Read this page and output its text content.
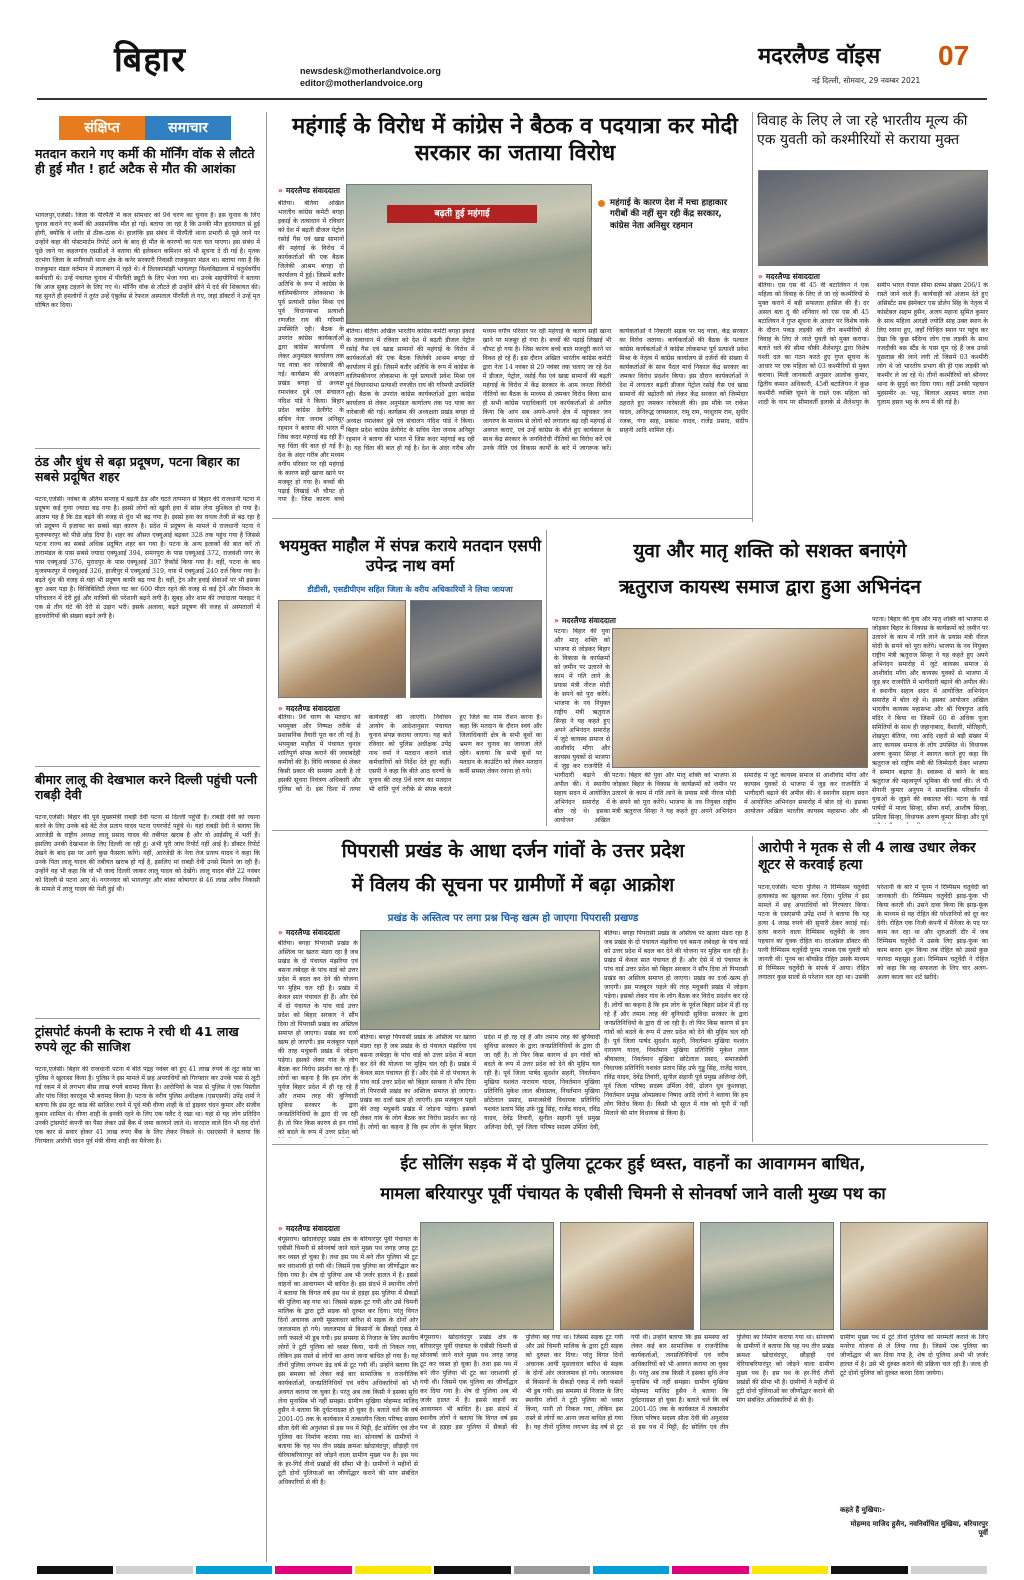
बिहार	newsdesk@motherlandvoice.org
editor@motherlandvoice.org
मदरलैण्ड वॉइस 07
नई दिल्ली, सोमवार, 29 नवम्बर 2021
संक्षिप्त	समाचार
मतदान कराने गए कर्मी की मॉर्निंग वॉक से लौटते ही हुई मौत ! हार्ट अटैक से मौत की आशंका
भागलपुर,एजेंसी। जिला के पीरपैंती में कल सोमवार को 9वें चरण का चुनाव है। इस चुनाव के लिए चुनाव कराने गए कर्मी की असामयिक मौत हो गई। बताया जा रहा है कि उनकी मौत हृदयाघात से हुई होगी, क्योंकि वे शरीर से ठीक-ठाक थे। हालांकि इस संबंध में पीरपैंती थाना प्रभारी से पूछे जाने पर उन्होंने कहा की पोस्टमार्टम रिपोर्ट आने के बाद ही मौत के कारणों का पता चल पाएगा। इस संबंध में पूछे जाने पर कहलगांव एसडीओ ने बताया की इलेक्शन कमिशन को भी सूचना दे दी गई है। मृतक दरभंगा जिला के मनीगाछी थाना क्षेत्र के कनेर सरकारी निवासी राजकुमार मंडल था। बताया गया है कि राजकुमार मंडल वर्तमान में लालबाग में रहते थे। वे तिलकामांझी भागलपुर विश्वविद्यालय में चतुर्थवर्गीय कर्मचारी थे। उन्हें पंचायत चुनाव में पीरपैंती ड्यूटी के लिए भेजा गया था। उनके सहयोगियों ने बताया कि आज सुबह टहलने के लिए गए थे। मॉर्निंग वॉक से लौटते ही उन्होंने सीने में दर्द की शिकायत की। यह सुनते ही हमलोगों ने तुरंत उन्हें एंबुलेंस से रेफरल अस्पताल पीरपैंती ले गए, जहां डॉक्टरों ने उन्हें मृत घोषित कर दिया।
ठंड और धुंध से बढ़ा प्रदूषण, पटना बिहार का सबसे प्रदूषित शहर
पटना,एजेंसी। नवंबर के अंतिम सप्ताह में बढ़ती ठंड और घटते तापमान से बिहार की राजधानी पटना में प्रदूषण कई गुणा ज्यादा बढ़ गया है। इससे लोगों को खुली हवा में सांस लेना मुश्किल हो गया है। आलम यह है कि ठंड बढ़ने की वजह से धुंध भी बढ़ गया है। इससे हवा का घनत्व तेजी से बढ़ रहा है जो प्रदूषण में इजाफा का सबसे बड़ा कारण है। प्रदेश में प्रदूषण के मामले में राजधानी पटना ने मुजफ्फरपुर को पीछे छोड़ दिया है। शहर का औसत एक्यूआई बढ़कर 328 तक पहुंच गया है जिससे पटना राज्य का सबसे अधिक प्रदूषित शहर बन गया है। पटना के अन्य इलाकों की बात करें तो तारामंडल के पास सबसे ज्यादा एक्यूआई 394, समनपुरा के पास एक्यूआई 372, राजवंशी नगर के पास एक्यूआई 376, मुरादपुर के पास एक्यूआई 307 रिकॉर्ड किया गया है। वहीं, पटना के बाद मुजफ्फरपुर में एक्यूआई 326, हाजीपुर में एक्यूआई 319, गया में एक्यूआई 240 दर्ज किया गया है। बढ़ते धुंध की वजह से यहां भी प्रदूषण काफी बढ़ गया है। वहीं, ट्रेन और हवाई सेवाओं पर भी इसका बुरा असर पड़ा है। विजिबिलिटी लेवल घट कर 600 मीटर रहने की वजह से कई ट्रेनें और विमान के परिचालन में देरी हुई और यात्रियों की परेशानी बढ़ने लगी है। सुबह और शाम की ज्यादातर फ्लाइट ने एक से तीन घंटे की देरी से उड़ान भरी। इसके अलावा, बढ़ते प्रदूषण की वजह से अस्पतालों में हृदयरोगियों की संख्या बढ़ने लगी है।
बीमार लालू की देखभाल करने दिल्ली पहुंची पत्नी राबड़ी देवी
पटना,एजेंसी। बिहार की पूर्व मुख्यमंत्री राबड़ी देवी पटना से दिल्ली पहुंची हैं। राबड़ी देवी को रवाना करने के लिए उनके बड़े बेटे तेज प्रताप यादव पटना एयरपोर्ट पहुंचे थे। यहां राबड़ी देवी ने बताया कि आरजेडी के राष्ट्रीय अध्यक्ष लालू प्रसाद यादव की तबीयत खराब है और वो आईसीयू में भर्ती हैं। इसलिए उनकी देखभाल के लिए दिल्ली जा रही हूं। अभी पूरी जांच रिपोर्ट नहीं आई है। डॉक्टर रिपोर्ट देखने के बाद इस पर आगे कुछ फैसला करेंगे। वहीं, आरजेडी के नेता तेज प्रताप यादव ने कहा कि उनके पिता लालू यादव की तबीयत खराब हो गई है, इसलिए मां राबड़ी देवी उनसे मिलने जा रही हैं। उन्होंने यह भी कहा कि वो भी जल्द दिल्ली जाकर लालू यादव को देखेंगे। लालू यादव बीते 22 नवंबर को दिल्ली से पटना आए थे। नगरनवार को भागलपुर और बांका कोषागार से 46 लाख अवैध निकासी के मामले में लालू यादव की पेशी हुई थी।
ट्रांसपोर्ट कंपनी के स्टाफ ने रची थी 41 लाख रुपये लूट की साजिश
पटना,एजेंसी। बिहार की राजधानी पटना में बीते पंद्रह नवंबर को हुए 41 लाख रुपये के लूट कांड का पुलिस ने खुलासा किया है। पुलिस ने इस मामले में छह अपराधियों को गिरफ्तार कर उनके पास से लूटी गई रकम में से लगभग बीस लाख रुपये बरामद किया है। आरोपियों के पास से पुलिस ने एक पिस्तौल और पांच जिंदा कारतूस भी बरामद किया है। पटना के वरीय पुलिस अधीक्षक (एसएसपी) उपेंद्र शर्मा ने बताया कि इस लूट कांड की साजिश रचने में पूर्व मंत्री वीणा शाही के दो ड्राइवर चंदन कुमार और संजीव कुमार शामिल थे। वीणा शाही के इनकी रहने के लिए एक फ्लैट दे रखा था। यहां से यह लोग प्रतिदिन उनकी ट्रांसपोर्ट कंपनी का पैसा लेकर उसे बैंक में जमा करवाने जाते थे। वारदात वाले दिन भी यह दोनों एक कार से सवार होकर 41 लाख रुपए बैंक के लिए लेकर निकले थे। एसएसपी ने बताया कि गिरफ्तार आरोपी चंदन पूर्व मंत्री वीणा शाही का मैनेजर है।
महंगाई के विरोध में कांग्रेस ने बैठक व पदयात्रा कर मोदी सरकार का जताया विरोध
» मदरलैण्ड संवाददाता
बढ़ती हुई महंगाई
महंगाई के कारण देश में मचा हाहाकार गरीबों की नहीं सुन रही केंद्र सरकार, कांग्रेस नेता अनिसुर रहमान
बेतिया। बेतिया अखिल भारतीय कांग्रेस कमेटी बगहा इकाई के तत्वाधान में रविवार को देश में बढ़ती डीजल पेट्रोल रसोई गैस एवं खाद्य सामानों की महंगाई के विरोध में कार्यकर्ताओं की एक बैठक जिलेकी आश्रम बगहा दो कार्यालय में हुई। जिसमें बतौर अतिथि के रूप में कांग्रेस के वालिमकीनगर लोकसभा के पूर्व प्रत्याशी प्रवेश मिश्रा एवं पूर्व विधानसभा प्रत्याशी रणजीत राय की गरिमयी उपस्थिति रही। बैठक के उपरांत कांग्रेस कार्यकर्ताओं द्वारा कांग्रेस कार्यालय से लेकर अनुमंडल कार्यालय तक पद यात्रा कर नारेबाजी की गई। कार्यक्रम की अध्यक्षता प्रखंड बगहा दो अध्यक्ष रमाशंकर दुबे एवं संचालन नंदिश पांडे ने किया। बिहार प्रदेश कांग्रेस डेलीगेट के सचिव नेता जनाब अनिसुर रहमान ने बताया की भारत में जिस कदर महंगाई बढ़ रही है। यह चिंता की बात हो गई है। देश के अंदर गरीब और मध्यम वर्गीय परिवार पर रही महंगाई के कारण सही खाना खाने पर मजबूर हो गया है। बच्चों की पढ़ाई लिखाई भी चौपट हो गया है। जिस कारण बच्चे
बेतिया। बेतिया अखिल भारतीय कांग्रेस कमेटी बगहा इकाई के तत्वाधान में रविवार को देश में बढ़ती डीजल पेट्रोल रसोई गैस एवं खाद्य सामानों की महंगाई के विरोध में कार्यकर्ताओं की एक बैठक जिलेकी आश्रम बगहा दो कार्यालय में हुई। जिसमें बतौर अतिथि के रूप में कांग्रेस के वालिमकीनगर लोकसभा के पूर्व प्रत्याशी प्रवेश मिश्रा एवं पूर्व विधानसभा प्रत्याशी रणजीत राय की गरिमयी उपस्थिति रही। बैठक के उपरांत कांग्रेस कार्यकर्ताओं द्वारा कांग्रेस कार्यालय से लेकर अनुमंडल कार्यालय तक पद यात्रा कर नारेबाजी की गई। कार्यक्रम की अध्यक्षता प्रखंड बगहा दो अध्यक्ष रमाशंकर दुबे एवं संचालन नंदिश पांडे ने किया। बिहार प्रदेश कांग्रेस डेलीगेट के सचिव नेता जनाब अनिसुर रहमान ने बताया की भारत में जिस कदर महंगाई बढ़ रही है। यह चिंता की बात हो गई है। देश के अंदर गरीब और मध्यम वर्गीय परिवार पर रही महंगाई के कारण सही खाना खाने पर मजबूर हो गया है। बच्चों की पढ़ाई लिखाई भी चौपट हो गया है। जिस कारण बच्चे बाल मजदूरी करने पर विवश हो रहे हैं। इस दौरान अखिल भारतीय कांग्रेस कमेटी द्वारा नेता 14 नवंबर से 29 नवंबर तक चलाए जा रहे देश में डीजल, पेट्रोल, रसोई गैस एवं खाद्य सामानों की बढ़ती महंगाई के विरोध में केंद्र सरकार के आम जनता विरोधी नीतियों का बैठक के माध्यम से जमकर विरोध किया साथ ही सभी कांग्रेस पदाधिकारी एवं कार्यकर्ताओं से अपील किया कि आप सब अपने-अपने क्षेत्र में पहुंचकर जन जागरण के माध्यम से लोगों को लगातार बढ़ रही महंगाई से अवगत कराएं, एवं उन्हें कांग्रेस के बीते हुए कार्यकाल के साथ केंद्र सरकार के जनविरोधी नीतियों का विरोध करें एवं उनके नीति एवं विकास कार्यों के बारे में जागरूक करें। कार्यकर्ताओं ने निकाली सड़क पर पद यात्रा, केंद्र सरकार का विरोध जताया। कार्यकर्ताओं की बैठक के पश्चात कांग्रेस कार्यकर्ताओं ने कांग्रेस लोकसभा पूर्व प्रत्याशी प्रवेश मिश्रा के नेतृत्व में कांग्रेस कार्यालय से दर्जनों की संख्या में कार्यकर्ताओं के साथ पैदल मार्च निकाल केंद्र सरकार का जमकर विरोध प्रदर्शन किया। इस दौरान कार्यकर्ताओं ने देश में लगातार बढ़ती डीजल पेट्रोल रसोई गैस एवं खाद्य सामानों की बढ़ोतरी को लेकर केंद्र सरकार को जिम्मेदार ठहराते हुए जमकर नारेबाजी की। इस मौके पर राकेश यादव, अनिरुद्ध जयसवाल, रामू राम, परशुराम राम, सुधीर रजक, गंगा साह, प्रकाश यादव, राजेंद्र प्रसाद, संदीप साहनी आदि शामिल रहे।
विवाह के लिए ले जा रहे भारतीय मूल्य की एक युवती को कश्मीरियों से कराया मुक्त
» मदरलैण्ड संवाददाता
बेतिया। एस एस बी 45 वीं बटालियन ने एक महिला को विवाह के लिए ले जा रहे कश्मीरियों से मुक्त कराने में बड़ी सफलता हासिल की है। दर असल बता दूं की शनिवार को एस एस बी 45 बटालियन ने गुप्त सूचना के आधार पर विशेष नाके के दौरान पकड़ लड़की को तीन कश्मीरियों से विवाह के लिए ले जाते युवती को मुक्त कराया। बताते चले की सीमा चौकी शैलेशपुर द्वारा विशेष गश्ती दल का गठन करते हुए गुप्त सूचना के आधार पर एक महिला को 03 कश्मीरियों से मुक्त कराया। मिली जानकारी अनुसार आलोक कुमार, द्वितीय कमान अधिकारी, 45वीं बटालियन ने कुछ कश्मीरी व्यक्ति घूमने के रास्ते एक महिला को शादी के नाम पर सीमावर्ती इलाके से शैलेशपुर के समीप भारत नेपाल सीमा स्तम्भ संख्या 206/1 के रास्ते जाने वाले हैं। कार्यवाही को अंजाम देते हुए असिस्टेंट सब इंस्पेक्टर एस डोलेन सिंह के नेतृत्व में कांस्टेबल सद्दाम हुसैन, अजय महाना सुमित कुमार के साथ महिला आरक्षी ज्योति साह उक्त स्थान के लिए रवाना हुए, जहाँ चिन्हित स्थान पर पहुंच कर देखा कि कुछ संदिग्ध लोग एक लड़की के साथ नजदीकी बस स्टैंड के पास घूम रहे हैं जब उनसे पूछताछ की जाने लगी तो जिसमें 03 कश्मीरी लोग थे जो भारतीय प्रभाग की ही एक लड़की को कश्मीर ले जा रहे थे। तीनों कश्मीरियों को श्रीनगर थाना के सुपुर्द कर दिया गया। वहीं उनकी पहचान मुहसमीर अ: भट्ट, बिलाल अहमद बगात तथा गुलाम हसन भट्ट के रूप में की गई है।
भयमुक्त माहौल में संपन्न कराये मतदान एसपी उपेन्द्र नाथ वर्मा
डीडीसी, एसडीपीएम सहित जिला के वरीय अधिकारियों ने लिया जायजा
» मदरलैण्ड संवाददाता
बेतिया। 9वें चरण के मतदान को भयमुक्त और निष्पक्ष तरीके से प्रशासनिक तैयारी पूरा कर ली गई है। भयमुक्त माहौल में पंचायत चुनाव शांतिपूर्ण संपन्न कराने की जवाबदेही कमीयों की है। विधि व्यवस्था से लेकर किसी प्रकार की समस्या आती है तो इसकी सूचना नियंत्रण अधिकारी और पुलिस को दें। इस दिशा में तत्पर कार्यवाही की जाएगी। निर्वाचन आयोग के आदेशानुसार पंचायत चुनाव संपन्न कराया जाएगा। यह बातें रविवार को पुलिस अधीक्षक उपेंद्र नाथ वर्मा ने मतदान कराने वाले कर्मचारियों को निर्देश देते हुए कहीं। एसपी ने कहा कि बीते आठ चरणों के चुनाव की तरह 9वें चरण का मतदान भी शांति पूर्ण तरीके से संपन्न कराते हुए जिले का नाम रौशन करना है। कहा कि मतदान के दौरान स्वयं और जिलाधिकारी क्षेत्र के सभी बूथों का भ्रमण कर चुनाव का जायजा लेते रहेंगे। बताया कि सभी बूथों पर मतदान के काउंटिंग को लेकर मतदान कर्मी समस्त लेकर रवाना हो गये।
युवा और मातृ शक्ति को सशक्त बनाएंगे
ऋतुराज कायस्थ समाज द्वारा हुआ अभिनंदन
» मदरलैण्ड संवाददाता
पटना। बिहार की युवा और मातृ शक्ति को भाजपा से जोड़कर बिहार के विकास के कार्यक्रमों को जमीन पर उतारने के काम में गति लाने के प्रयास मंत्री नीरज मोदी के सपने को पूरा करेंगे। भाजपा के नव नियुक्त राष्ट्रीय मंत्री ऋतुराज सिन्हा ने यह कहते हुए अपने अभिनंदन समारोह में जुटे कायस्थ समाज से आशीर्वाद माँगा और कायस्थ युवकों से भाजपा में जुड़ कर राजनीति में भागीदारी बढ़ाने की अपील की। वे स्थानीय सहाय सदन में आयोजित अभिनंदन समारोह में बोल रहे थे। इसका आयोजन अखिल
पटना। बिहार की युवा और मातृ शक्ति को भाजपा से जोड़कर बिहार के विकास के कार्यक्रमों को जमीन पर उतारने के काम में गति लाने के प्रयास मंत्री नीरज मोदी के सपने को पूरा करेंगे। भाजपा के नव नियुक्त राष्ट्रीय मंत्री ऋतुराज सिन्हा ने यह कहते हुए अपने अभिनंदन समारोह में जुटे कायस्थ समाज से आशीर्वाद माँगा और कायस्थ युवकों से भाजपा में जुड़ कर राजनीति में भागीदारी बढ़ाने की अपील की। वे स्थानीय सहाय सदन में आयोजित अभिनंदन समारोह में बोल रहे थे। इसका आयोजन अखिल भारतीय कायस्थ महासभा और श्री
पटना। बिहार की युवा और मातृ शक्ति को भाजपा से जोड़कर बिहार के विकास के कार्यक्रमों को जमीन पर उतारने के काम में गति लाने के प्रयास मंत्री नीरज मोदी के सपने को पूरा करेंगे। भाजपा के नव नियुक्त राष्ट्रीय मंत्री ऋतुराज सिन्हा ने यह कहते हुए अपने अभिनंदन समारोह में जुटे कायस्थ समाज से आशीर्वाद माँगा और कायस्थ युवकों से भाजपा में जुड़ कर राजनीति में भागीदारी बढ़ाने की अपील की। वे स्थानीय सहाय सदन में आयोजित अभिनंदन समारोह में बोल रहे थे। इसका आयोजन अखिल भारतीय कायस्थ महासभा और श्री चित्रगुप्त आदि मंदिर ने किया था जिसमें 60 से अधिक पूजा समितियों के साथ ही जहानाबाद, वैशाली, मोतिहारी, शेखपुरा बेतिया, गया आदि शहरों से बड़ी संख्या में आए कायस्थ समाज के लोग उपस्थित थे। विधायक अरुण कुमार सिन्हा ने स्वागत करते हुए कहा कि ऋतुराज को राष्ट्रीय मंत्री की जिम्मेदारी देकर भाजपा ने सम्मान बढ़ाया है। स्वास्थ्य से बनने के बाद ऋतुराज की महत्वपूर्ण भूमिका की चर्चा की। जे पी सेनानी कुमार अनुपम ने सामाजिक परिवर्तन में युवाओं के जुड़ने की वकालत की। पटना के वार्ड पार्षदों में माला सिन्हा, सीमा वर्मा, आशीष सिन्हा, प्रमिला सिन्हा, विधायक अरुण कुमार सिन्हा और पूर्व
पिपरासी प्रखंड के आधा दर्जन गांवों के उत्तर प्रदेश
में विलय की सूचना पर ग्रामीणों में बढ़ा आक्रोश
प्रखंड के अस्तित्व पर लगा प्रश्न चिन्ह खत्म हो जाएगा पिपरासी प्रखण्ड
» मदरलैण्ड संवाददाता
बेतिया। बगहा पिपरासी प्रखंड के अस्तित्व पर खतरा मंडरा रहा है जब प्रखंड के दो पंचायत मंझरिया एवं बसना लबेदहा के पांच वार्ड को उत्तर प्रदेश में बदल कर देने की योजना पर मुहिम चल रही है। प्रखंड में केवल सात पंचायत ही हैं। और ऐसे में दो पंचायत के पांच वार्ड उत्तर प्रदेश को बिहार सरकार ने सौंप दिया तो पिपरासी प्रखंड का अस्तित्व समाप्त हो जाएगा। प्रखंड का दर्जा खत्म हो जाएगी। इस मजबूरन पहले की तरह मधुबनी प्रखंड में जोड़ना पड़ेगा। इसको लेकर गांव के लोग बैठक कर विरोध प्रदर्शन कर रहे हैं। लोगों का कहना है कि हम लोग के पूर्वज बिहार प्रदेश में ही रह रहे हैं और तमाम तरह की बुनियादी सुविधा सरकार के द्वारा जनप्रतिनिधियों के द्वारा दी जा रही है। तो फिर किस कारण से इन गांवों को बदले के रूप में उत्तर प्रदेश को
बेतिया। बगहा पिपरासी प्रखंड के अस्तित्व पर खतरा मंडरा रहा है जब प्रखंड के दो पंचायत मंझरिया एवं बसना लबेदहा के पांच वार्ड को उत्तर प्रदेश में बदल कर देने की योजना पर मुहिम चल रही है। प्रखंड में केवल सात पंचायत ही हैं। और ऐसे में दो पंचायत के पांच वार्ड उत्तर प्रदेश को बिहार सरकार ने सौंप दिया तो पिपरासी प्रखंड का अस्तित्व समाप्त हो जाएगा। प्रखंड का दर्जा खत्म हो जाएगी। इस मजबूरन पहले की तरह मधुबनी प्रखंड में जोड़ना पड़ेगा। इसको लेकर गांव के लोग बैठक कर विरोध प्रदर्शन कर रहे हैं। लोगों का कहना है कि हम लोग के पूर्वज बिहार प्रदेश में ही रह रहे हैं और तमाम तरह की बुनियादी सुविधा सरकार के द्वारा जनप्रतिनिधियों के द्वारा दी जा रही है। तो फिर किस कारण से इन गांवों को बदले के रूप में उत्तर प्रदेश को देने की मुहिम चल रही है। पूर्व जिला पार्षद सुदर्शन सहनी, निवर्तमान मुखिया यशवंत नारायण यादव, निवर्तमान मुखिया प्रतिनिधि मुकेश लाल श्रीवास्तव, निवर्तमान मुखिया छोटेलाल प्रसाद, समाजसेवी विधायक प्रतिनिधि यशवंत प्रताप सिंह उर्फ गुड्डू सिंह, राजेंद्र यादव, रविंद्र यादव, देवेंद्र तिवारी, सुनील सहानी पूर्व प्रमुख अलिन्दा देवी, पूर्व जिला परिषद सदस्य उर्मिला देवी,
बेतिया। बगहा पिपरासी प्रखंड के अस्तित्व पर खतरा मंडरा रहा है जब प्रखंड के दो पंचायत मंझरिया एवं बसना लबेदहा के पांच वार्ड को उत्तर प्रदेश में बदल कर देने की योजना पर मुहिम चल रही है। प्रखंड में केवल सात पंचायत ही हैं। और ऐसे में दो पंचायत के पांच वार्ड उत्तर प्रदेश को बिहार सरकार ने सौंप दिया तो पिपरासी प्रखंड का अस्तित्व समाप्त हो जाएगा। प्रखंड का दर्जा खत्म हो जाएगी। इस मजबूरन पहले की तरह मधुबनी प्रखंड में जोड़ना पड़ेगा। इसको लेकर गांव के लोग बैठक कर विरोध प्रदर्शन कर रहे हैं। लोगों का कहना है कि हम लोग के पूर्वज बिहार प्रदेश में ही रह रहे हैं और तमाम तरह की बुनियादी सुविधा सरकार के द्वारा जनप्रतिनिधियों के द्वारा दी जा रही है। तो फिर किस कारण से इन गांवों को बदले के रूप में उत्तर प्रदेश को देने की मुहिम चल रही है। पूर्व जिला पार्षद सुदर्शन सहनी, निवर्तमान मुखिया यशवंत नारायण यादव, निवर्तमान मुखिया प्रतिनिधि मुकेश लाल श्रीवास्तव, निवर्तमान मुखिया छोटेलाल प्रसाद, समाजसेवी विधायक प्रतिनिधि यशवंत प्रताप सिंह उर्फ गुड्डू सिंह, राजेंद्र यादव, रविंद्र यादव, देवेंद्र तिवारी, सुनील सहानी पूर्व प्रमुख अलिन्दा देवी, पूर्व जिला परिषद सदस्य उर्मिला देवी, ढोलन धुव कुशवाहा, निवर्तमान प्रमुख ओमप्रकाश निषाद आदि लोगों ने बताया कि हम लोग विरोध किया है। किसी भी सूरत में गांव को यूपी में नहीं मिलाने की मांग विधायक से किया है।
आरोपी ने मृतक से ली 4 लाख उधार लेकर शूटर से करवाई हत्या
पटना,एजेंसी। पटना पुलिस ने रिम्पिसम चतुर्वेदी हत्याकांड का खुलासा कर दिया। पुलिस ने इस मामले में छह अपराधियों को गिरफ्तार किया। पटना के एसएसपी उपेंद्र शर्मा ने बताया कि यह हत्या 4 लाख रुपये की सुपारी देकर कराई गई। हत्या कराने वाला रिम्पिसम चतुर्वेदी के जान पहचान का युवक रोहित था। दरअसल डॉक्टर की पत्नी रिम्पिसम चतुर्वेदी पूनम नामक एक युवती को जानती थी। पूनम का बॉयफ्रेंड रोहित उसके माध्यम से रिम्पिसम चतुर्वेदी के संपर्क में आया। रोहित लगातार कुछ सालों से परेशान चल रहा था। उसकी परेशानी के बारे में पूनम ने रिम्पिसम चतुर्वेदी को जानकारी दी। रिम्पिसम चतुर्वेदी झाड़-फूंक भी किया करती थी। उसने दावा किया कि झाड़-फूंक के माध्यम से वह रोहित की परेशानियों को दूर कर देगी। रोहित एक निजी कंपनी में मैनेजर के पद पर काम कर रहा था और शुरुआती दौर में जब रिम्पिसम चतुर्वेदी ने उसके लिए झाड़-फूंक का काम करना शुरू किया तब रोहित को उससे कुछ फायदा महसूस हुआ। रिम्पिसम चतुर्वेदी ने रोहित को कहा कि वह सफलता के लिए चार अलग-अलग काला कर शर्ट खरीदे।
ईट सोलिंग सड़क में दो पुलिया टूटकर हुई ध्वस्त, वाहनों का आवागमन बाधित,
मामला बरियारपुर पूर्वी पंचायत के एबीसी चिमनी से सोनवर्षा जाने वाली मुख्य पथ का
» मदरलैण्ड संवाददाता
बेगूसराय। खोदावंदपुर प्रखंड क्षेत्र के बरियारपुर पूर्वी पंचायत के एबीसी चिमनी से सोनवर्षा जाने वाले मुख्य पथ जगह जगह टूट कर ध्वस्त हो चुका है। तथा इस पथ में बने तीन पुलिया भी टूट कर धराशायी हो गयी थी। जिसमें एक पुलिया का जीर्णोद्धार कर दिया गया है। शेष दो पुलिया अब भी जर्जर हालत में है। इससे वाहनों का आवागमन भी बाधित है। इस संदर्भ में स्थानीय लोगों ने बताया कि विगत वर्ष इस पथ से हड़हा इस पुलिया में सैकड़ों की पुलिया बह गया था। जिससे सड़क टूट गयी और उसे चिमनी मालिक के द्वारा टूटी सड़क को दुरुस्त कर दिया। परंतु विगत दिनों अचानक आयी मूसलाधार बारिश से सड़क के दोनों ओर जलजमाव हो गये। जलजमाव से किसानों के सैकड़ों एकड़ में लगी फसलें भी डूब गयी। इस समस्या से निजात के लिए स्थानीय लोगों ने टूटी पुलिया को ध्वस्त किया, पानी तो निकल गया, लेकिन इस रास्ते से लोगों का आना जाना बाधित हो गया है। यह तीनों पुलिया लगभग डेढ़ वर्ष से टूट गयी थीं। उन्होंने बताया कि इस समस्या को लेकर कई बार सामाजिक व राजनीतिक कार्यकर्ताओं, जनप्रतिनिधियों एवं वरीय अधिकारियों को भी अवगत कराया जा चुका है। परंतु अब तक किसी ने इसका सुधि लेना मुनासिब भी नहीं समझा। ग्रामीण मुखिया मोहम्मद माजिद हुसैन ने बताया कि दुर्घटनाग्रस्त हो चुका है। बताते चलें कि वर्ष 2001-05 तक के कार्यकाल में तत्कालीन जिला परिषद सदस्य सीता देवी की अनुशंसा से इस पथ में मिट्टी, ईंट सोलिंग एवं तीन पुलिया का निर्माण कराया गया था। सोनवर्षा के ग्रामीणों ने बताया कि यह पथ तीन प्रखंड क्रमशः खोदावंदपुर, छौड़ाही एवं चेरियाबरियारपुर को जोड़ने वाला ग्रामीण मुख्य पथ है। इस पथ के हर-गिर्द तीनों प्रखंडों की सीमा भी है। ग्रामीणों ने महीनों से टूटी दोनों पुलियाओं का जीर्णोद्धार कराने की मांग संबंधित अधिकारियों से की है।
बेगूसराय। खोदावंदपुर प्रखंड क्षेत्र के बरियारपुर पूर्वी पंचायत के एबीसी चिमनी से सोनवर्षा जाने वाले मुख्य पथ जगह जगह टूट कर ध्वस्त हो चुका है। तथा इस पथ में बने तीन पुलिया भी टूट कर धराशायी हो गयी थी। जिसमें एक पुलिया का जीर्णोद्धार कर दिया गया है। शेष दो पुलिया अब भी जर्जर हालत में है। इससे वाहनों का आवागमन भी बाधित है। इस संदर्भ में स्थानीय लोगों ने बताया कि विगत वर्ष इस पथ से हड़हा इस पुलिया में सैकड़ों की पुलिया बह गया था। जिससे सड़क टूट गयी और उसे चिमनी मालिक के द्वारा टूटी सड़क को दुरुस्त कर दिया। परंतु विगत दिनों अचानक आयी मूसलाधार बारिश से सड़क के दोनों ओर जलजमाव हो गये। जलजमाव से किसानों के सैकड़ों एकड़ में लगी फसलें भी डूब गयी। इस समस्या से निजात के लिए स्थानीय लोगों ने टूटी पुलिया को ध्वस्त किया, पानी तो निकल गया, लेकिन इस रास्ते से लोगों का आना जाना बाधित हो गया है। यह तीनों पुलिया लगभग डेढ़ वर्ष से टूट गयी थीं। उन्होंने बताया कि इस समस्या को लेकर कई बार सामाजिक व राजनीतिक कार्यकर्ताओं, जनप्रतिनिधियों एवं वरीय अधिकारियों को भी अवगत कराया जा चुका है। परंतु अब तक किसी ने इसका सुधि लेना मुनासिब भी नहीं समझा। ग्रामीण मुखिया मोहम्मद माजिद हुसैन ने बताया कि दुर्घटनाग्रस्त हो चुका है। बताते चलें कि वर्ष 2001-05 तक के कार्यकाल में तत्कालीन जिला परिषद सदस्य सीता देवी की अनुशंसा से इस पथ में मिट्टी, ईंट सोलिंग एवं तीन पुलिया का निर्माण कराया गया था। सोनवर्षा के ग्रामीणों ने बताया कि यह पथ तीन प्रखंड क्रमशः खोदावंदपुर, छौड़ाही एवं चेरियाबरियारपुर को जोड़ने वाला ग्रामीण मुख्य पथ है। इस पथ के हर-गिर्द तीनों प्रखंडों की सीमा भी है। ग्रामीणों ने महीनों से टूटी दोनों पुलियाओं का जीर्णोद्धार कराने की मांग संबंधित अधिकारियों से की है।
ग्रामीण मुख्य पथ में टूटे तीनों पुलिया को मरम्मती कराने के लिए मनरेगा योजना से ले लिया गया है। जिसमें एक पुलिया का जीर्णोद्धार भी कर दिया गया है, शेष दो पुलिया अभी भी जर्जर हालत में है। उसे भी दुरुस्त कराने की प्रक्रिया चल रही है। जल्द ही टूटे दोनों पुलिया को दुरुस्त करवा दिया जायेगा।
कहते हैं मुखिया:-
मोहम्मद माजिद हुसैन, नवनिर्वाचित मुखिया, बरियारपुर पूर्वी
